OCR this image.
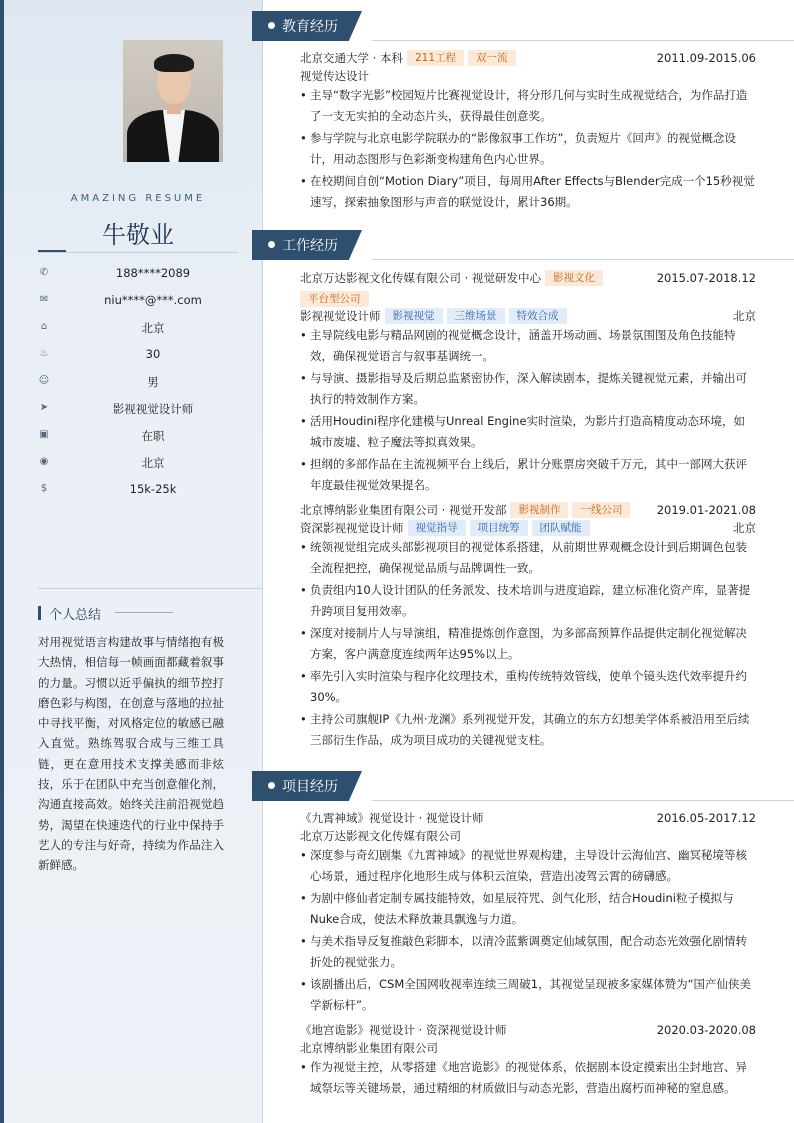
AMAZING RESUME
牛敬业
✆	188****2089
✉	niu****@***.com
⌂	北京
♨	30
☺	男
➤	影视视觉设计师
▣	在职
◉	北京
$	15k-25k
个人总结
对用视觉语言构建故事与情绪抱有极大热情，相信每一帧画面都藏着叙事的力量。习惯以近乎偏执的细节控打磨色彩与构图，在创意与落地的拉扯中寻找平衡，对风格定位的敏感已融入直觉。熟练驾驭合成与三维工具链，更在意用技术支撑美感而非炫技，乐于在团队中充当创意催化剂，沟通直接高效。始终关注前沿视觉趋势，渴望在快速迭代的行业中保持手艺人的专注与好奇，持续为作品注入新鲜感。
教育经历
北京交通大学 · 本科 211工程 双一流	2011.09-2015.06
视觉传达设计
• 主导“数字光影”校园短片比赛视觉设计，将分形几何与实时生成视觉结合，为作品打造了一支无实拍的全动态片头，获得最佳创意奖。
• 参与学院与北京电影学院联办的“影像叙事工作坊”，负责短片《回声》的视觉概念设计，用动态图形与色彩渐变构建角色内心世界。
• 在校期间自创“Motion Diary”项目，每周用After Effects与Blender完成一个15秒视觉速写，探索抽象图形与声音的联觉设计，累计36期。
工作经历
北京万达影视文化传媒有限公司 · 视觉研发中心 影视文化	2015.07-2018.12
平台型公司
影视视觉设计师 影视视觉 三维场景 特效合成	北京
• 主导院线电影与精品网剧的视觉概念设计，涵盖开场动画、场景氛围图及角色技能特效，确保视觉语言与叙事基调统一。
• 与导演、摄影指导及后期总监紧密协作，深入解读剧本，提炼关键视觉元素，并输出可执行的特效制作方案。
• 活用Houdini程序化建模与Unreal Engine实时渲染，为影片打造高精度动态环境，如城市废墟、粒子魔法等拟真效果。
• 担纲的多部作品在主流视频平台上线后，累计分账票房突破千万元，其中一部网大获评年度最佳视觉效果提名。
北京博纳影业集团有限公司 · 视觉开发部 影视制作 一线公司	2019.01-2021.08
资深影视视觉设计师 视觉指导 项目统筹 团队赋能	北京
• 统领视觉组完成头部影视项目的视觉体系搭建，从前期世界观概念设计到后期调色包装全流程把控，确保视觉品质与品牌调性一致。
• 负责组内10人设计团队的任务派发、技术培训与进度追踪，建立标准化资产库，显著提升跨项目复用效率。
• 深度对接制片人与导演组，精准提炼创作意图，为多部高预算作品提供定制化视觉解决方案，客户满意度连续两年达95%以上。
• 率先引入实时渲染与程序化纹理技术，重构传统特效管线，使单个镜头迭代效率提升约30%。
• 主持公司旗舰IP《九州·龙渊》系列视觉开发，其确立的东方幻想美学体系被沿用至后续三部衍生作品，成为项目成功的关键视觉支柱。
项目经历
《九霄神域》视觉设计 · 视觉设计师	2016.05-2017.12
北京万达影视文化传媒有限公司
• 深度参与奇幻剧集《九霄神域》的视觉世界观构建，主导设计云海仙宫、幽冥秘境等核心场景，通过程序化地形生成与体积云渲染，营造出凌驾云霄的磅礴感。
• 为剧中修仙者定制专属技能特效，如星辰符咒、剑气化形，结合Houdini粒子模拟与Nuke合成，使法术释放兼具飘逸与力道。
• 与美术指导反复推敲色彩脚本，以清冷蓝紫调奠定仙域氛围，配合动态光效强化剧情转折处的视觉张力。
• 该剧播出后，CSM全国网收视率连续三周破1，其视觉呈现被多家媒体赞为“国产仙侠美学新标杆”。
《地宫诡影》视觉设计 · 资深视觉设计师	2020.03-2020.08
北京博纳影业集团有限公司
• 作为视觉主控，从零搭建《地宫诡影》的视觉体系，依据剧本设定摸索出尘封地宫、异域祭坛等关键场景，通过精细的材质做旧与动态光影，营造出腐朽而神秘的窒息感。
